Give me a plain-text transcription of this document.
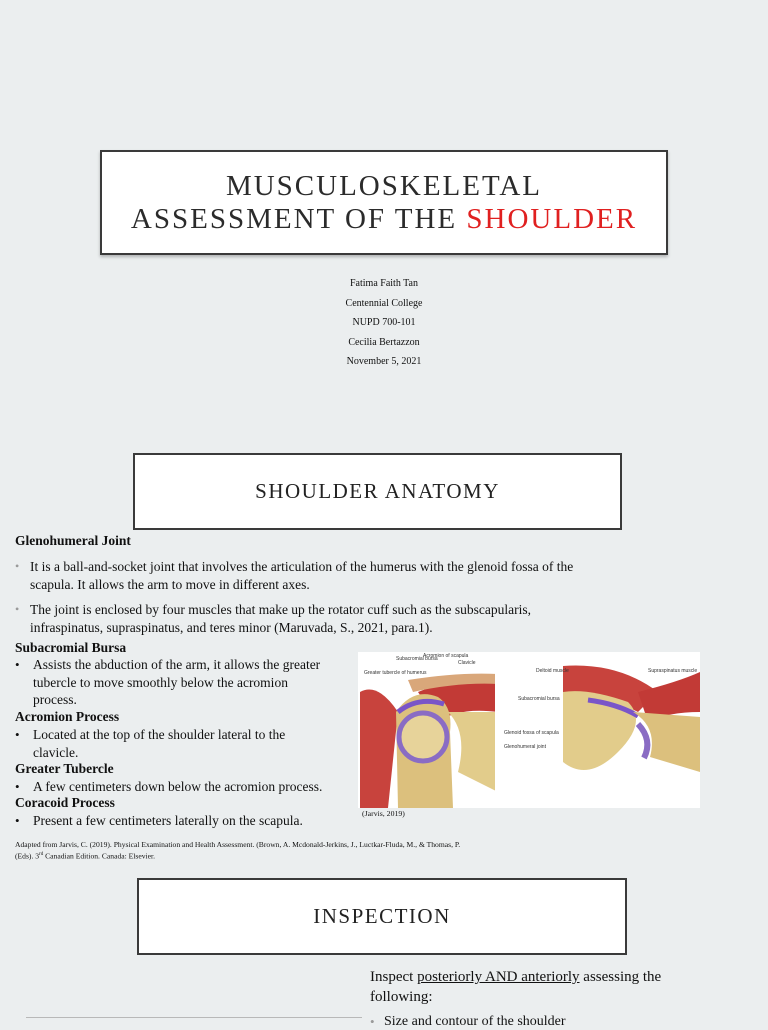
MUSCULOSKELETAL
ASSESSMENT OF THE SHOULDER
Fatima Faith Tan
Centennial College
NUPD 700-101
Cecilia Bertazzon
November 5, 2021
SHOULDER ANATOMY
Glenohumeral Joint
• It is a ball-and-socket joint that involves the articulation of the humerus with the glenoid fossa of the
scapula. It allows the arm to move in different axes.
• The joint is enclosed by four muscles that make up the rotator cuff such as the subscapularis,
infraspinatus, supraspinatus, and teres minor (Maruvada, S., 2021, para.1).
Subacromial Bursa
• Assists the abduction of the arm, it allows the greater
tubercle to move smoothly below the acromion
process.
Acromion Process
• Located at the top of the shoulder lateral to the
clavicle.
Greater Tubercle
• A few centimeters down below the acromion process.
Coracoid Process
• Present a few centimeters laterally on the scapula.
Subacromial bursa
Acromion of scapula
Clavicle
Greater tubercle of humerus
Glenoid fossa of scapula
Glenohumeral joint
Deltoid muscle	Supraspinatus muscle
Subacromial bursa
(Jarvis, 2019)
Adapted from Jarvis, C. (2019). Physical Examination and Health Assessment. (Brown, A. Mcdonald-Jerkins, J., Luctkar-Fluda, M., & Thomas, P.
(Eds). 3rd Canadian Edition. Canada: Elsevier.
INSPECTION
Inspect posteriorly AND anteriorly assessing the
following:
• Size and contour of the shoulder
